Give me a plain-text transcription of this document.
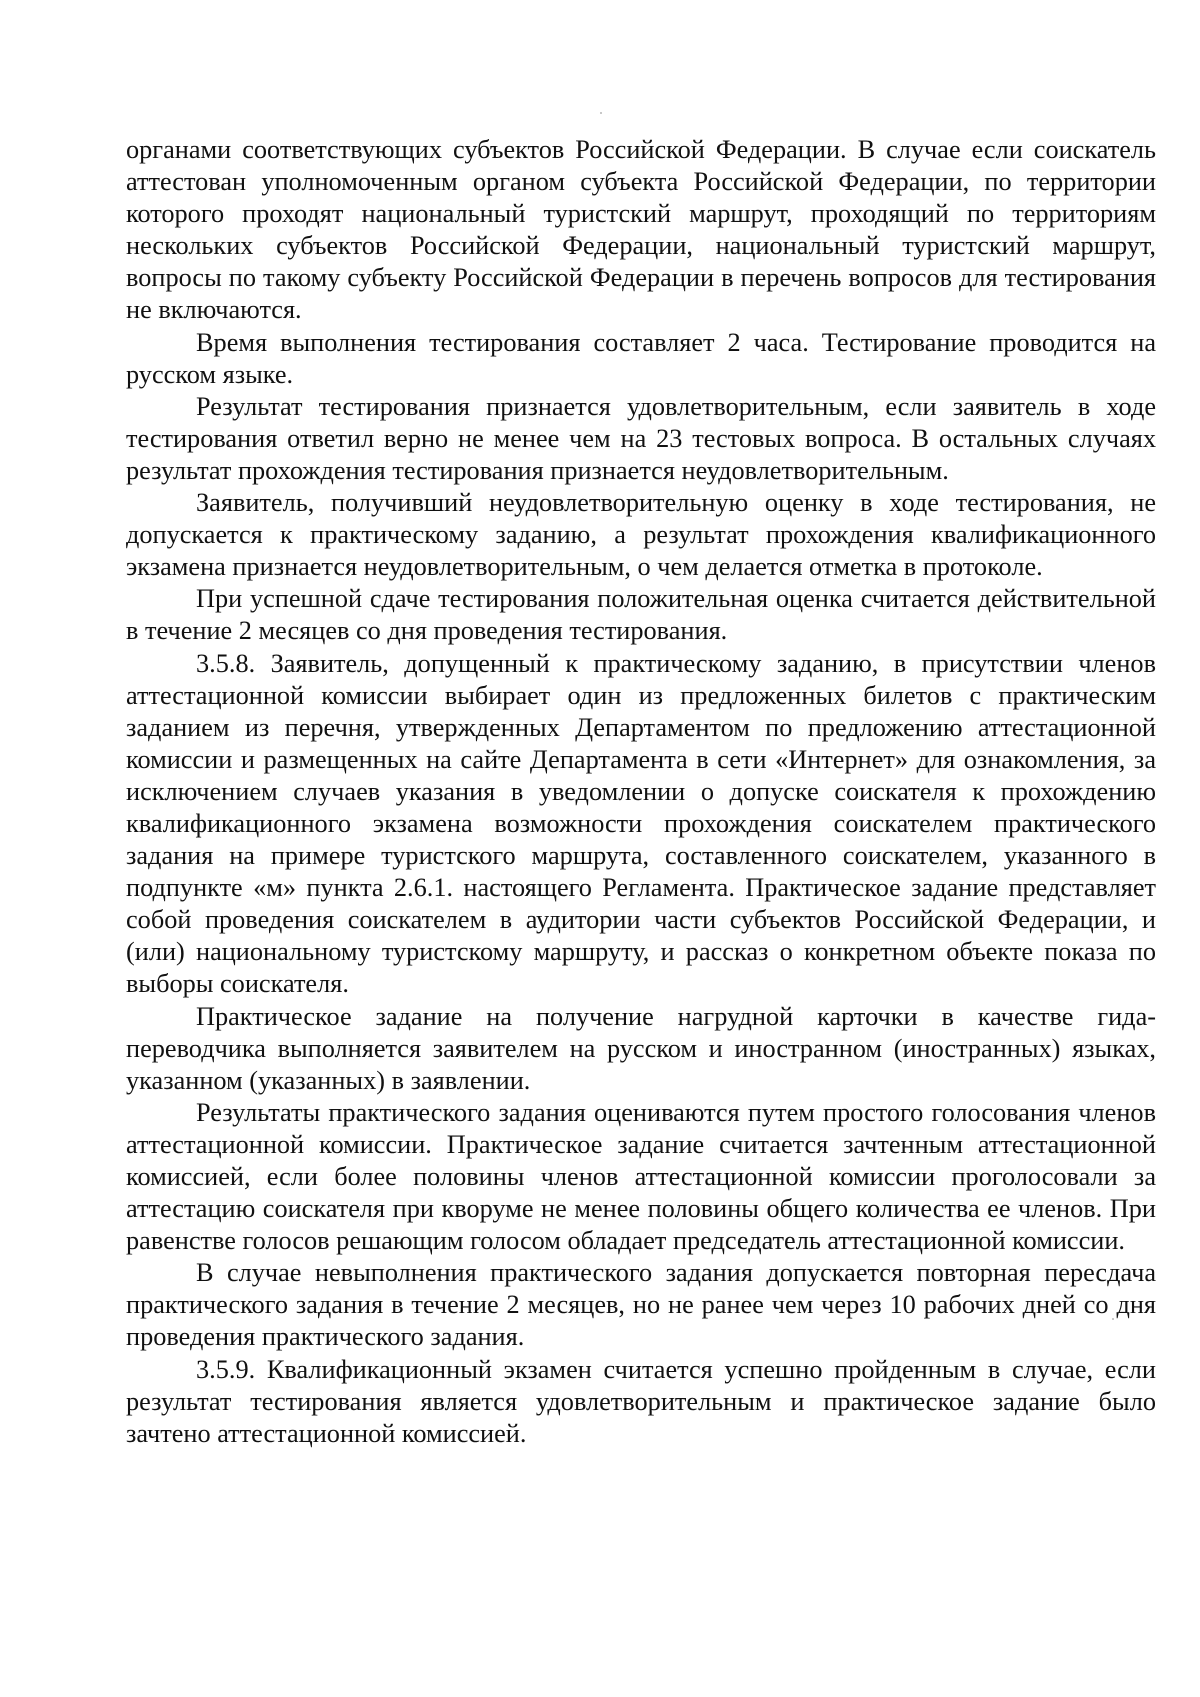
органами соответствующих субъектов Российской Федерации. В случае если соискатель аттестован уполномоченным органом субъекта Российской Федерации, по территории которого проходят национальный туристский маршрут, проходящий по территориям нескольких субъектов Российской Федерации, национальный туристский маршрут, вопросы по такому субъекту Российской Федерации в перечень вопросов для тестирования не включаются.

Время выполнения тестирования составляет 2 часа. Тестирование проводится на русском языке.

Результат тестирования признается удовлетворительным, если заявитель в ходе тестирования ответил верно не менее чем на 23 тестовых вопроса. В остальных случаях результат прохождения тестирования признается неудовлетворительным.

Заявитель, получивший неудовлетворительную оценку в ходе тестирования, не допускается к практическому заданию, а результат прохождения квалификационного экзамена признается неудовлетворительным, о чем делается отметка в протоколе.

При успешной сдаче тестирования положительная оценка считается действительной в течение 2 месяцев со дня проведения тестирования.

3.5.8. Заявитель, допущенный к практическому заданию, в присутствии членов аттестационной комиссии выбирает один из предложенных билетов с практическим заданием из перечня, утвержденных Департаментом по предложению аттестационной комиссии и размещенных на сайте Департамента в сети «Интернет» для ознакомления, за исключением случаев указания в уведомлении о допуске соискателя к прохождению квалификационного экзамена возможности прохождения соискателем практического задания на примере туристского маршрута, составленного соискателем, указанного в подпункте «м» пункта 2.6.1. настоящего Регламента. Практическое задание представляет собой проведения соискателем в аудитории части субъектов Российской Федерации, и (или) национальному туристскому маршруту, и рассказ о конкретном объекте показа по выборы соискателя.

Практическое задание на получение нагрудной карточки в качестве гида-переводчика выполняется заявителем на русском и иностранном (иностранных) языках, указанном (указанных) в заявлении.

Результаты практического задания оцениваются путем простого голосования членов аттестационной комиссии. Практическое задание считается зачтенным аттестационной комиссией, если более половины членов аттестационной комиссии проголосовали за аттестацию соискателя при кворуме не менее половины общего количества ее членов. При равенстве голосов решающим голосом обладает председатель аттестационной комиссии.

В случае невыполнения практического задания допускается повторная пересдача практического задания в течение 2 месяцев, но не ранее чем через 10 рабочих дней со дня проведения практического задания.

3.5.9. Квалификационный экзамен считается успешно пройденным в случае, если результат тестирования является удовлетворительным и практическое задание было зачтено аттестационной комиссией.
